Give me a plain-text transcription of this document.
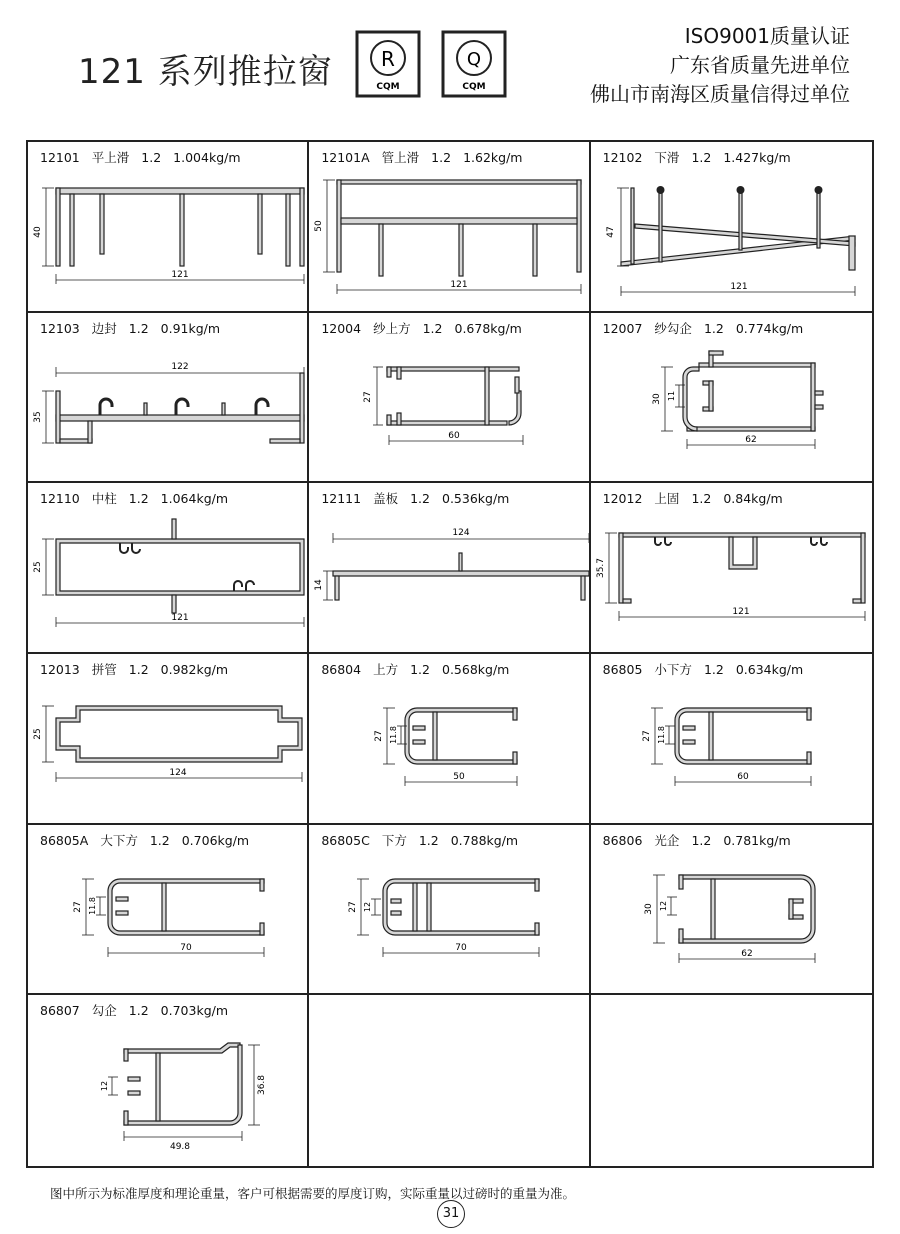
121 系列推拉窗 R
CQM
Q
CQM
ISO9001质量认证
广东省质量先进单位
佛山市南海区质量信得过单位
12101 平上滑 1.2 1.004kg/m
40
121
12101A 管上滑 1.2 1.62kg/m
50
121
12102 下滑 1.2 1.427kg/m
47
121
12103 边封 1.2 0.91kg/m
35
122
12004 纱上方 1.2 0.678kg/m
27
60
12007 纱勾企 1.2 0.774kg/m
30 11
62
12110 中柱 1.2 1.064kg/m
25
121
12111 盖板 1.2 0.536kg/m
14
124
12012 上固 1.2 0.84kg/m
35.7
121
12013 拼管 1.2 0.982kg/m
25
124
86804 上方 1.2 0.568kg/m
27 11.8
50
86805 小下方 1.2 0.634kg/m
27 11.8
60
86805A 大下方 1.2 0.706kg/m
27 11.8
70
86805C 下方 1.2 0.788kg/m
27 12
70
86806 光企 1.2 0.781kg/m
30 12
62
86807 勾企 1.2 0.703kg/m
12	36.8
49.8
图中所示为标准厚度和理论重量，客户可根据需要的厚度订购，实际重量以过磅时的重量为准。
31
